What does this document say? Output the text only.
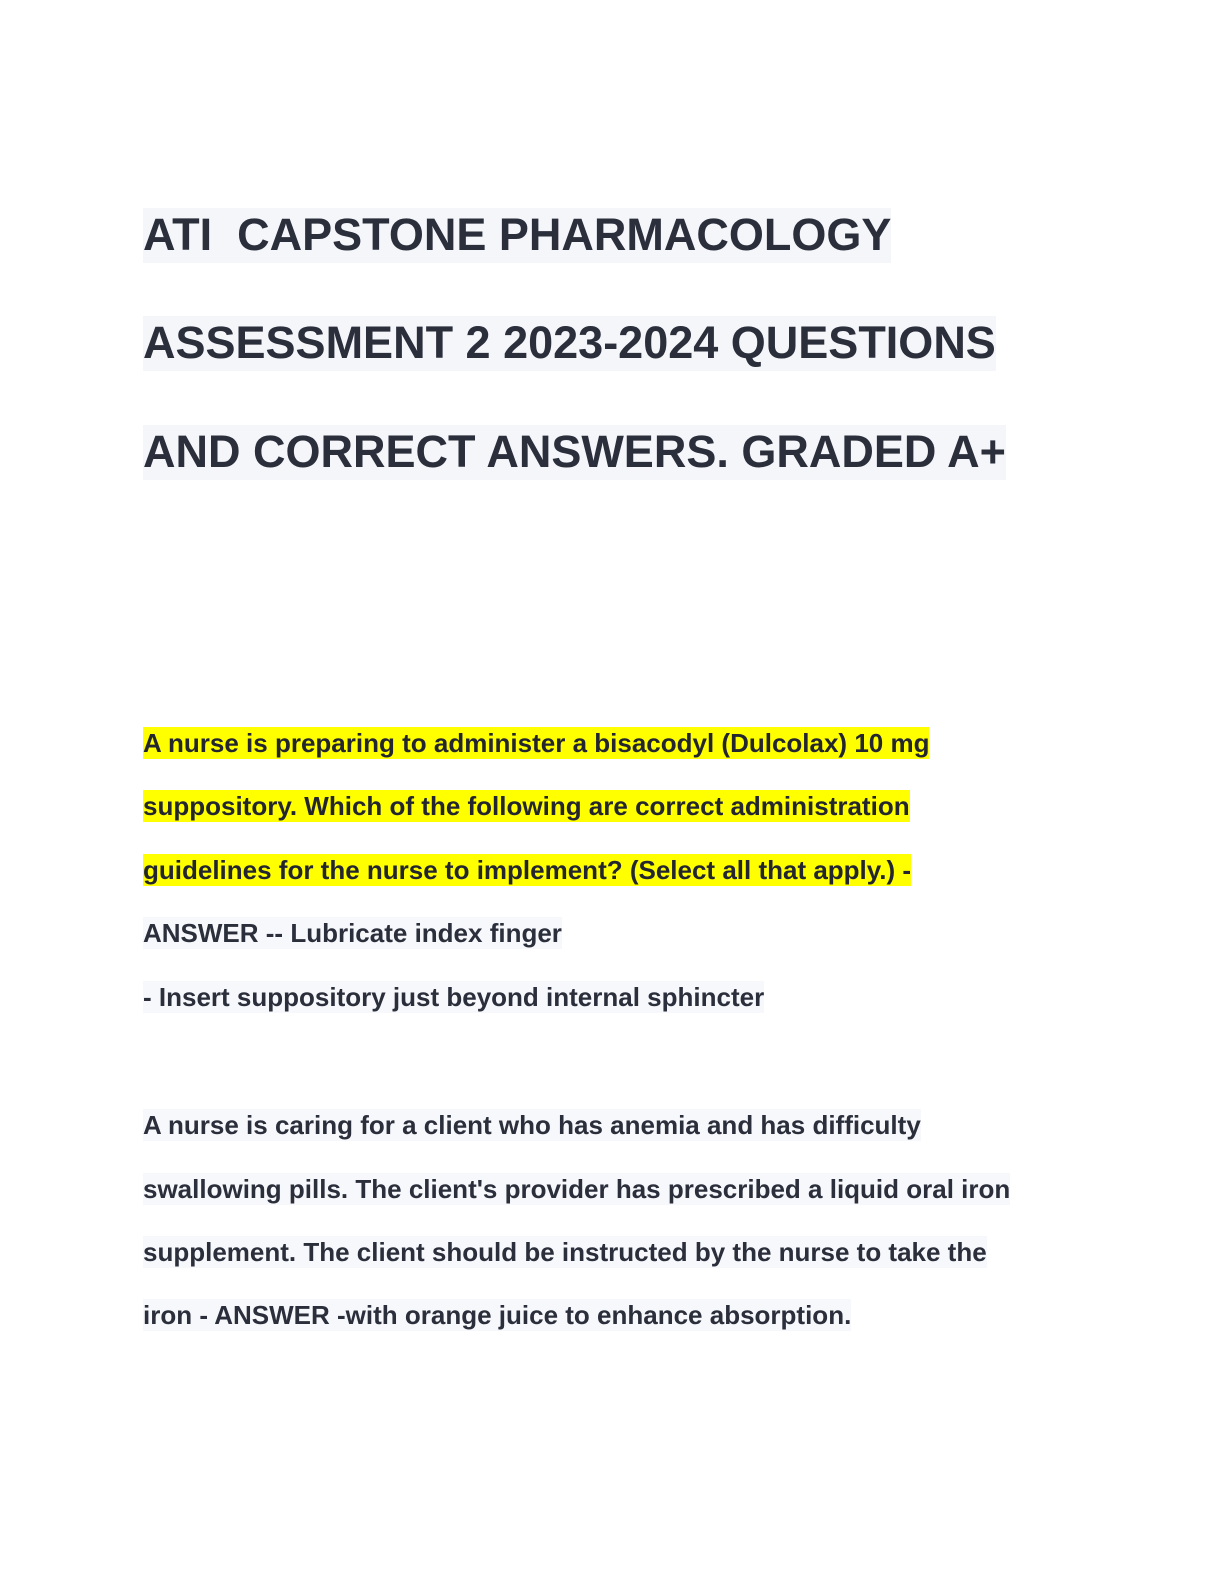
ATI  CAPSTONE PHARMACOLOGY
ASSESSMENT 2 2023-2024 QUESTIONS
AND CORRECT ANSWERS. GRADED A+
A nurse is preparing to administer a bisacodyl (Dulcolax) 10 mg
suppository. Which of the following are correct administration
guidelines for the nurse to implement? (Select all that apply.) -
ANSWER -- Lubricate index finger
- Insert suppository just beyond internal sphincter
A nurse is caring for a client who has anemia and has difficulty
swallowing pills. The client's provider has prescribed a liquid oral iron
supplement. The client should be instructed by the nurse to take the
iron - ANSWER -with orange juice to enhance absorption.
